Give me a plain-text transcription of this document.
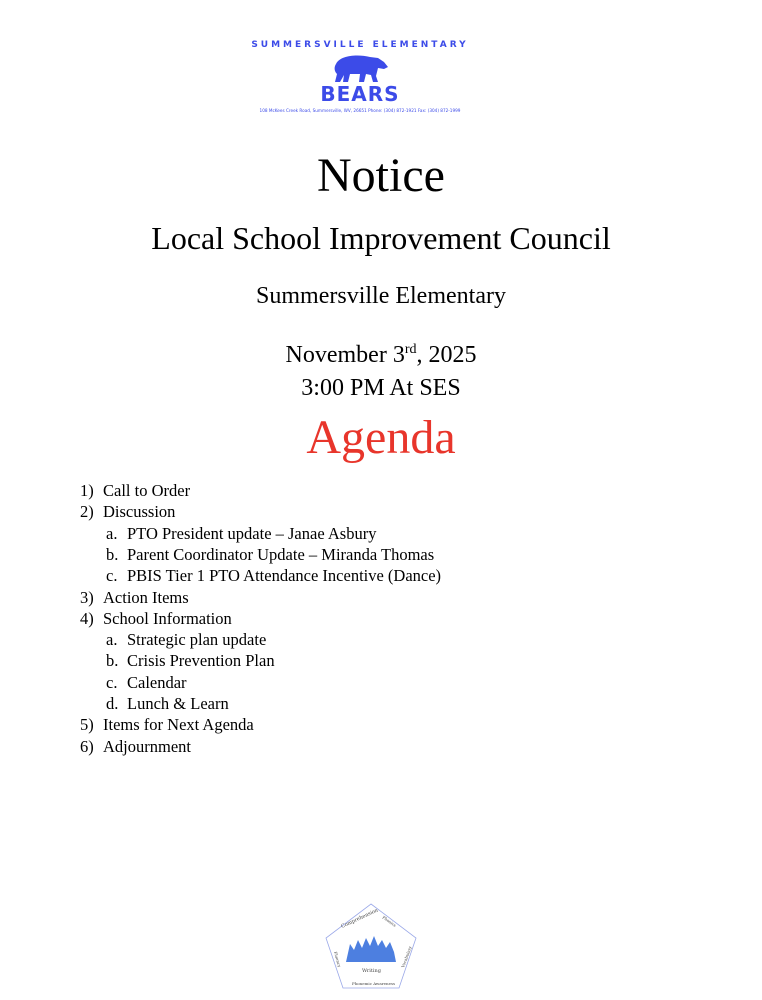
SUMMERSVILLE ELEMENTARY
BEARS
108 McKees Creek Road, Summersville, WV, 26651 Phone: (304) 872-1921 Fax: (304) 872-1999
Notice
Local School Improvement Council
Summersville Elementary
November 3rd, 2025
3:00 PM At SES
Agenda
1) Call to Order
2) Discussion
a. PTO President update – Janae Asbury
b. Parent Coordinator Update – Miranda Thomas
c. PBIS Tier 1 PTO Attendance Incentive (Dance)
3) Action Items
4) School Information
a. Strategic plan update
b. Crisis Prevention Plan
c. Calendar
d. Lunch & Learn
5) Items for Next Agenda
6) Adjournment
Comprehension Phonics
Writing
Phonemic Awareness
Vocabulary
Fluency
